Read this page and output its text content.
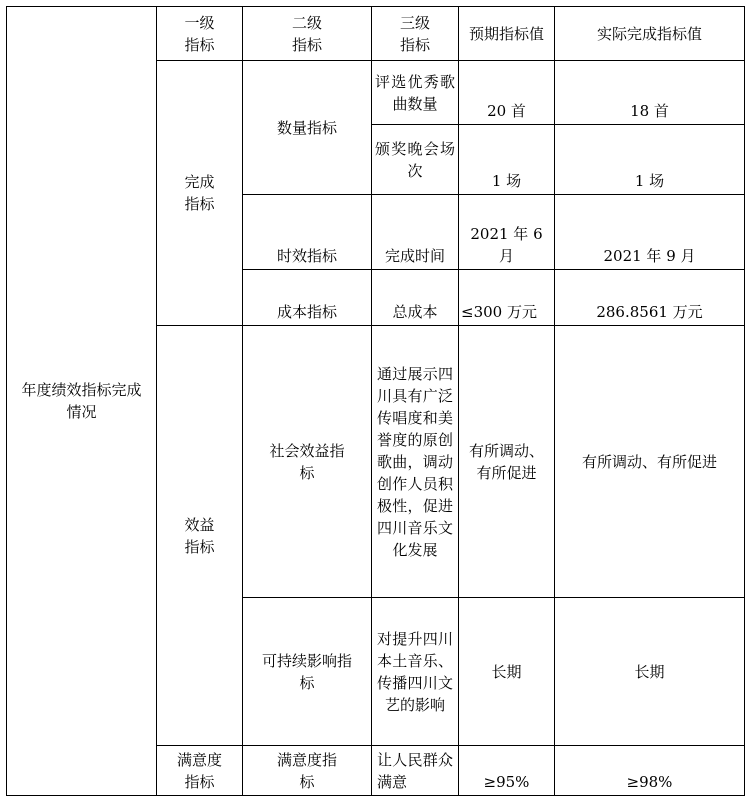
年度绩效指标完成情况	一级指标	二级指标	三级指标	预期指标值	实际完成指标值
	完成指标	数量指标	评选优秀歌曲数量	20 首	18 首
			颁奖晚会场次	1 场	1 场
		时效指标	完成时间	2021 年 6 月	2021 年 9 月
		成本指标	总成本	≤300 万元	286.8561 万元
	效益指标	社会效益指标	通过展示四川具有广泛传唱度和美誉度的原创歌曲，调动创作人员积极性，促进四川音乐文化发展	有所调动、有所促进	有所调动、有所促进
		可持续影响指标	对提升四川本土音乐、传播四川文艺的影响	长期	长期
	满意度指标	满意度指标	让人民群众满意	≥95%	≥98%
